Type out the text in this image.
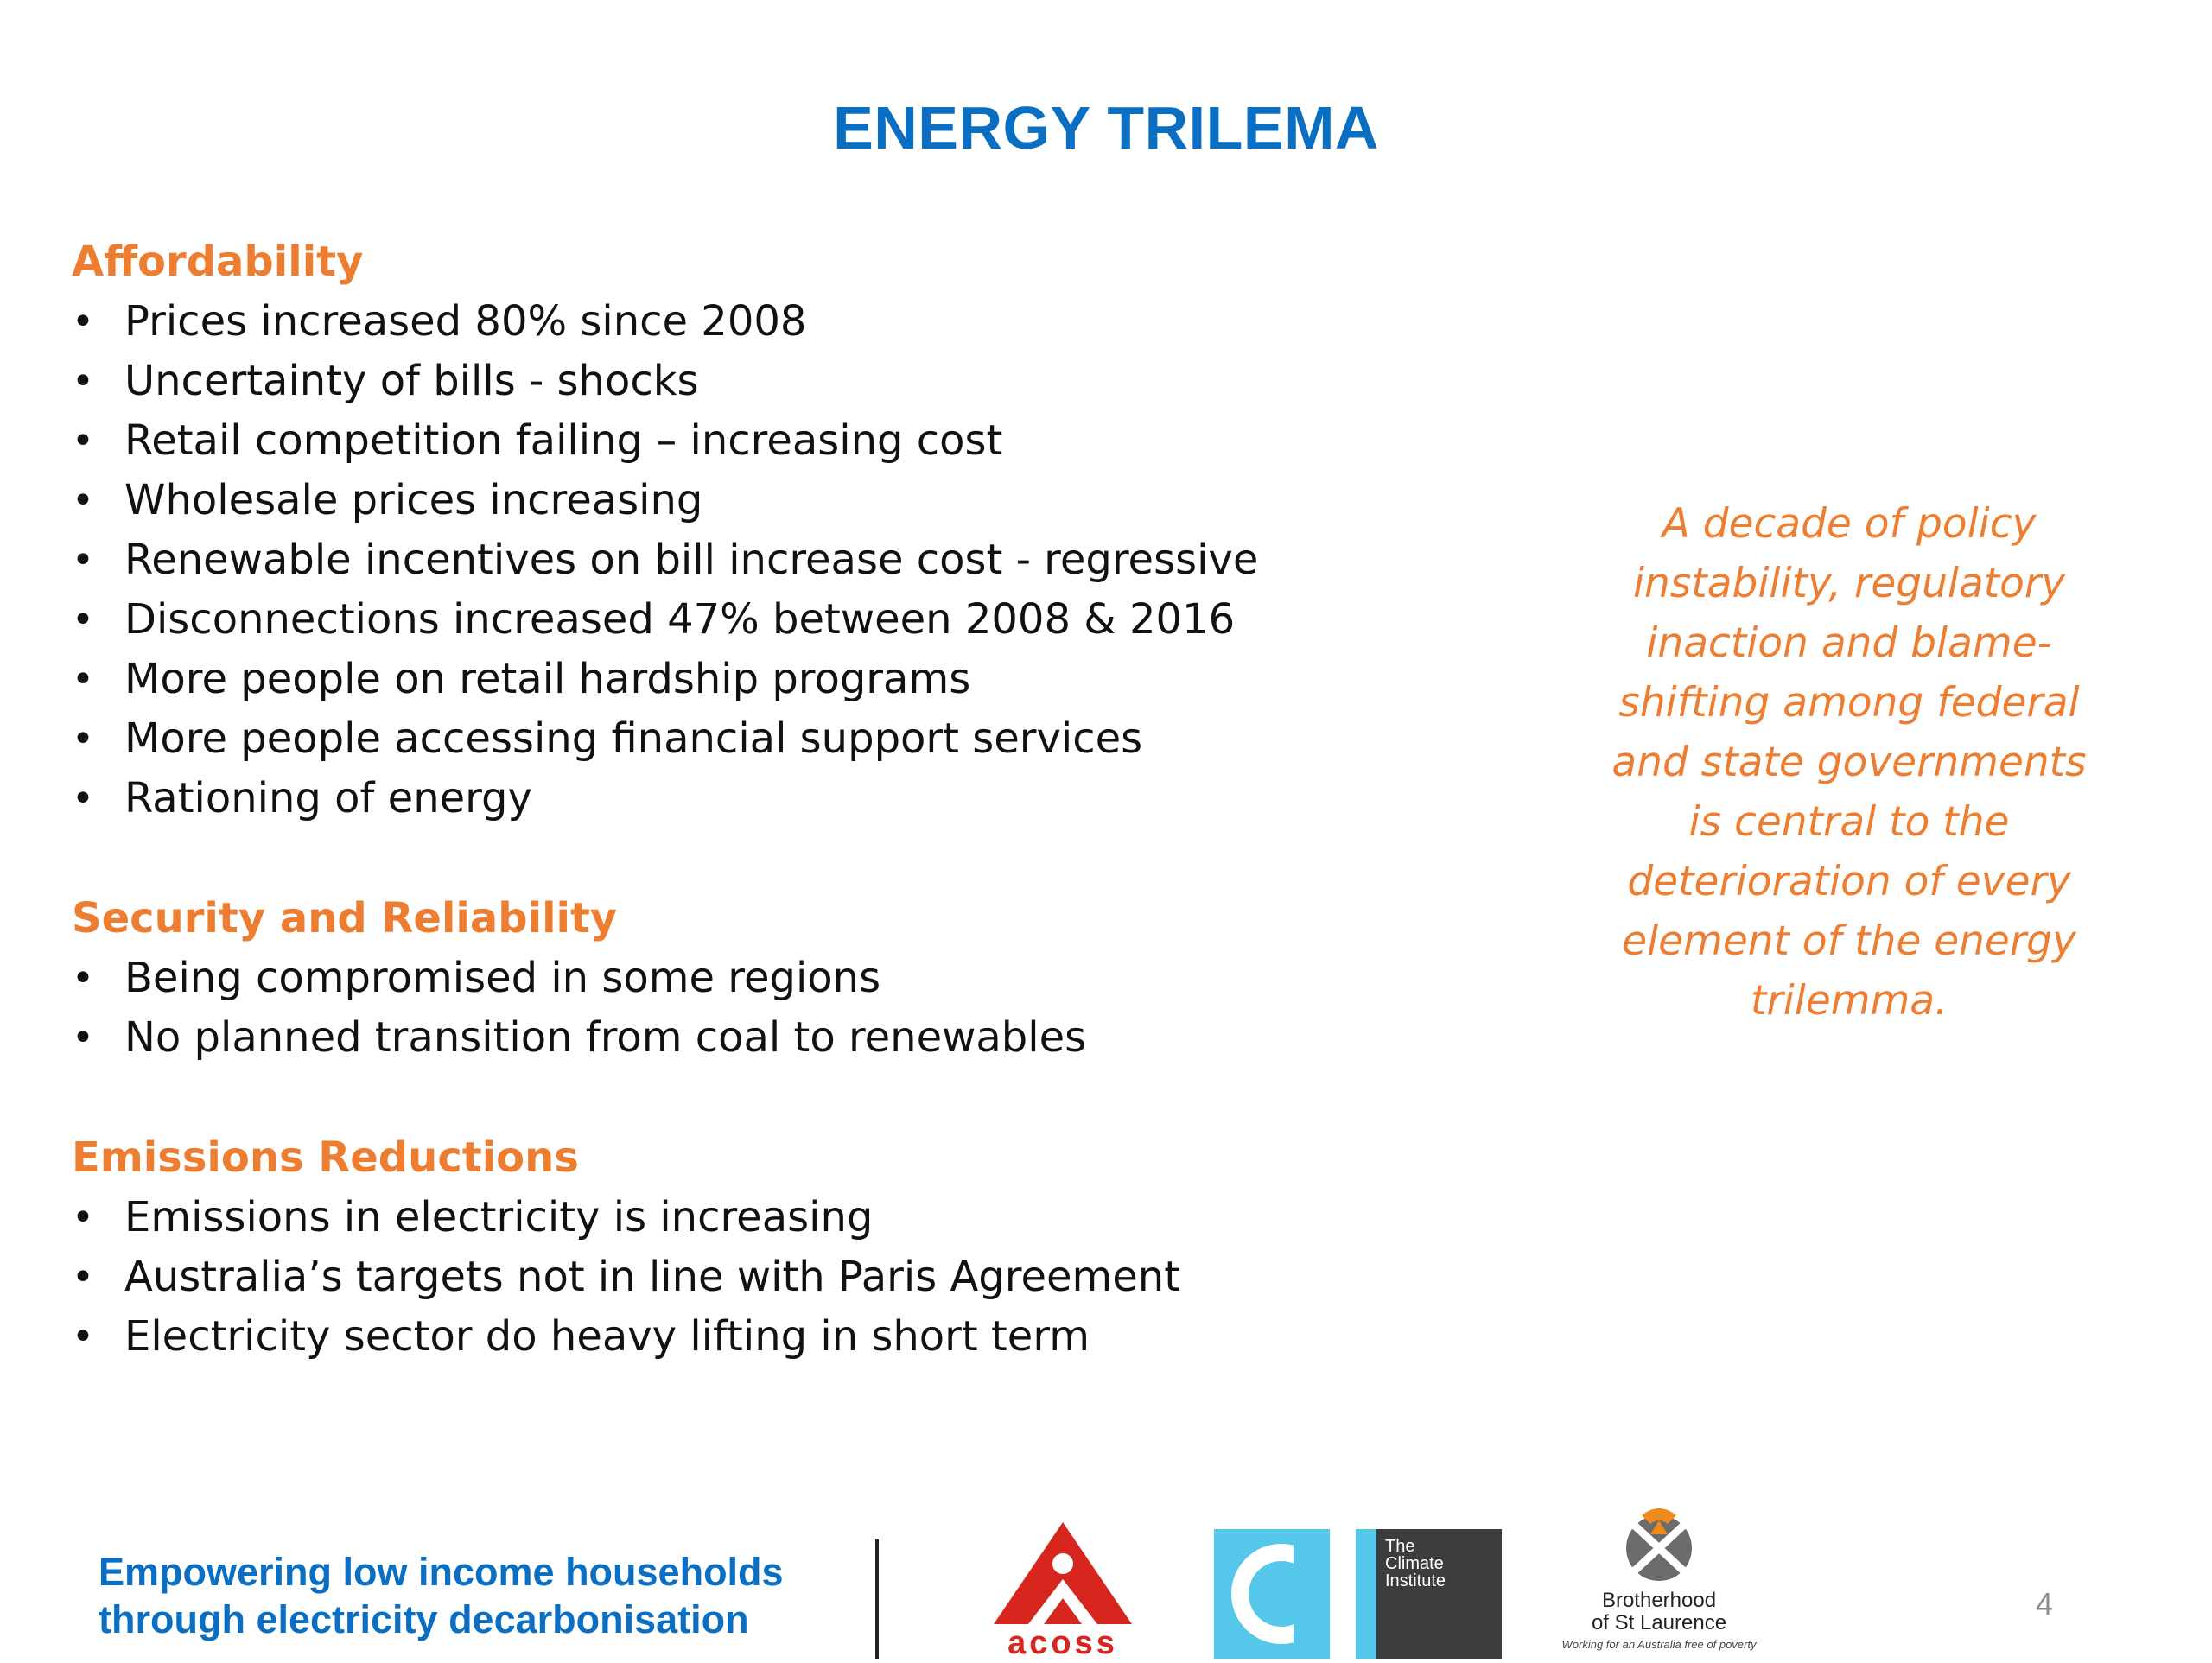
ENERGY TRILEMA
Affordability
• Prices increased 80% since 2008
• Uncertainty of bills - shocks
• Retail competition failing – increasing cost
• Wholesale prices increasing
• Renewable incentives on bill increase cost - regressive
• Disconnections increased 47% between 2008 & 2016
• More people on retail hardship programs
• More people accessing financial support services
• Rationing of energy
Security and Reliability
• Being compromised in some regions
• No planned transition from coal to renewables
Emissions Reductions
• Emissions in electricity is increasing
• Australia’s targets not in line with Paris Agreement
• Electricity sector do heavy lifting in short term

A decade of policy instability, regulatory inaction and blame-shifting among federal and state governments is central to the deterioration of every element of the energy trilemma.

Empowering low income households through electricity decarbonisation

acoss

The
Climate
Institute

Brotherhood
of St Laurence

Working for an Australia free of poverty

4
